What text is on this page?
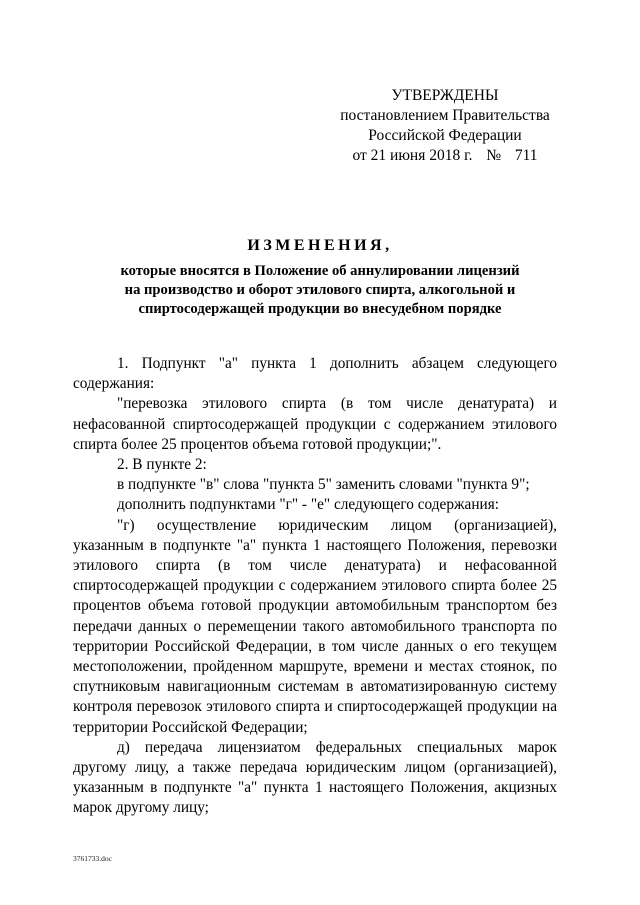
УТВЕРЖДЕНЫ
постановлением Правительства
Российской Федерации
от 21 июня 2018 г. № 711
ИЗМЕНЕНИЯ,
которые вносятся в Положение об аннулировании лицензий
на производство и оборот этилового спирта, алкогольной и
спиртосодержащей продукции во внесудебном порядке

1. Подпункт "а" пункта 1 дополнить абзацем следующего содержания:

"перевозка этилового спирта (в том числе денатурата) и нефасованной спиртосодержащей продукции с содержанием этилового спирта более 25 процентов объема готовой продукции;".

2. В пункте 2:

в подпункте "в" слова "пункта 5" заменить словами "пункта 9";

дополнить подпунктами "г" - "е" следующего содержания:

"г) осуществление юридическим лицом (организацией), указанным в подпункте "а" пункта 1 настоящего Положения, перевозки этилового спирта (в том числе денатурата) и нефасованной спиртосодержащей продукции с содержанием этилового спирта более 25 процентов объема готовой продукции автомобильным транспортом без передачи данных о перемещении такого автомобильного транспорта по территории Российской Федерации, в том числе данных о его текущем местоположении, пройденном маршруте, времени и местах стоянок, по спутниковым навигационным системам в автоматизированную систему контроля перевозок этилового спирта и спиртосодержащей продукции на территории Российской Федерации;

д) передача лицензиатом федеральных специальных марок другому лицу, а также передача юридическим лицом (организацией), указанным в подпункте "а" пункта 1 настоящего Положения, акцизных марок другому лицу;

3761733.doc
